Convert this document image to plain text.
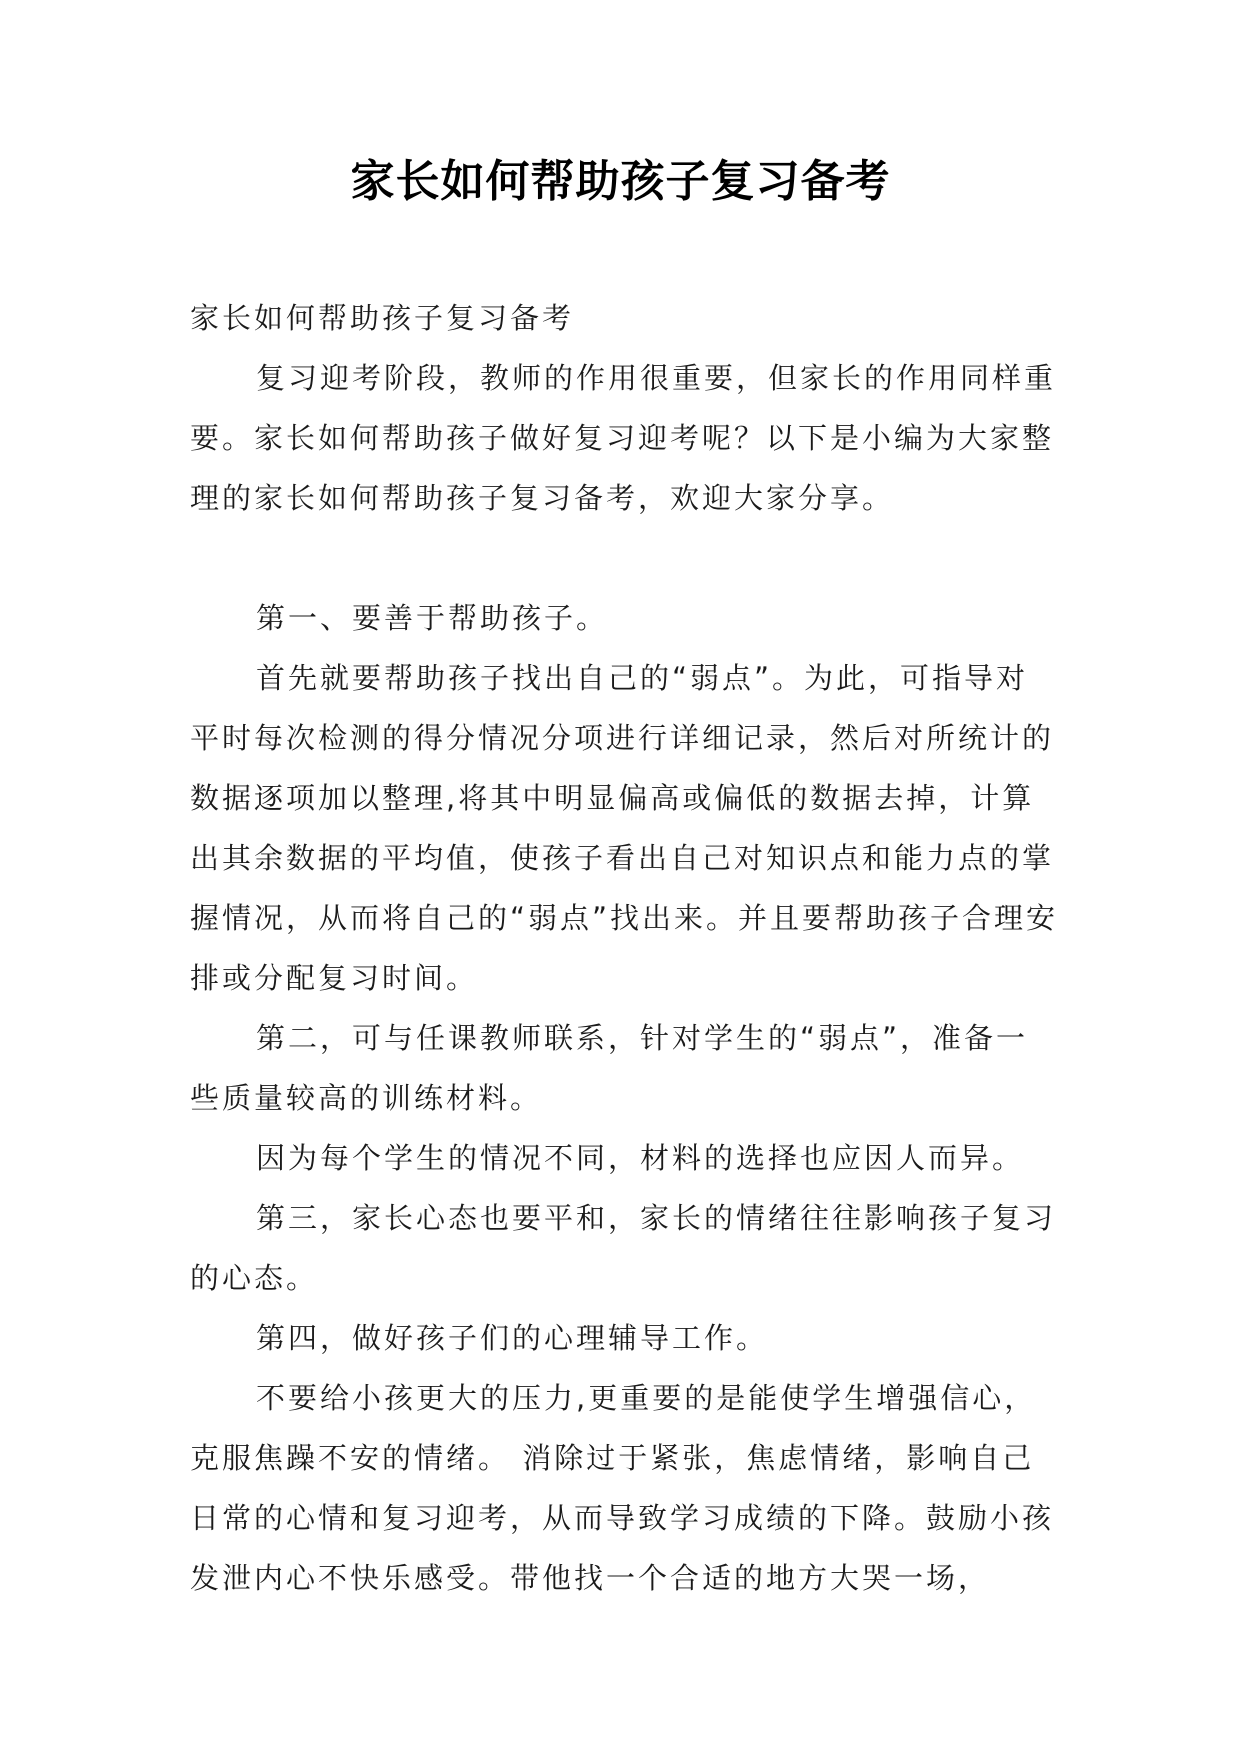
家长如何帮助孩子复习备考

家长如何帮助孩子复习备考

复习迎考阶段，教师的作用很重要，但家长的作用同样重要。家长如何帮助孩子做好复习迎考呢？以下是小编为大家整理的家长如何帮助孩子复习备考，欢迎大家分享。

第一、要善于帮助孩子。

首先就要帮助孩子找出自己的“弱点”。为此，可指导对平时每次检测的得分情况分项进行详细记录，然后对所统计的数据逐项加以整理,将其中明显偏高或偏低的数据去掉，计算出其余数据的平均值，使孩子看出自己对知识点和能力点的掌握情况，从而将自己的“弱点”找出来。并且要帮助孩子合理安排或分配复习时间。

第二，可与任课教师联系，针对学生的“弱点”，准备一些质量较高的训练材料。

因为每个学生的情况不同，材料的选择也应因人而异。

第三，家长心态也要平和，家长的情绪往往影响孩子复习的心态。

第四，做好孩子们的心理辅导工作。

不要给小孩更大的压力,更重要的是能使学生增强信心，克服焦躁不安的情绪。 消除过于紧张，焦虑情绪，影响自己日常的心情和复习迎考，从而导致学习成绩的下降。鼓励小孩发泄内心不快乐感受。带他找一个合适的地方大哭一场，
